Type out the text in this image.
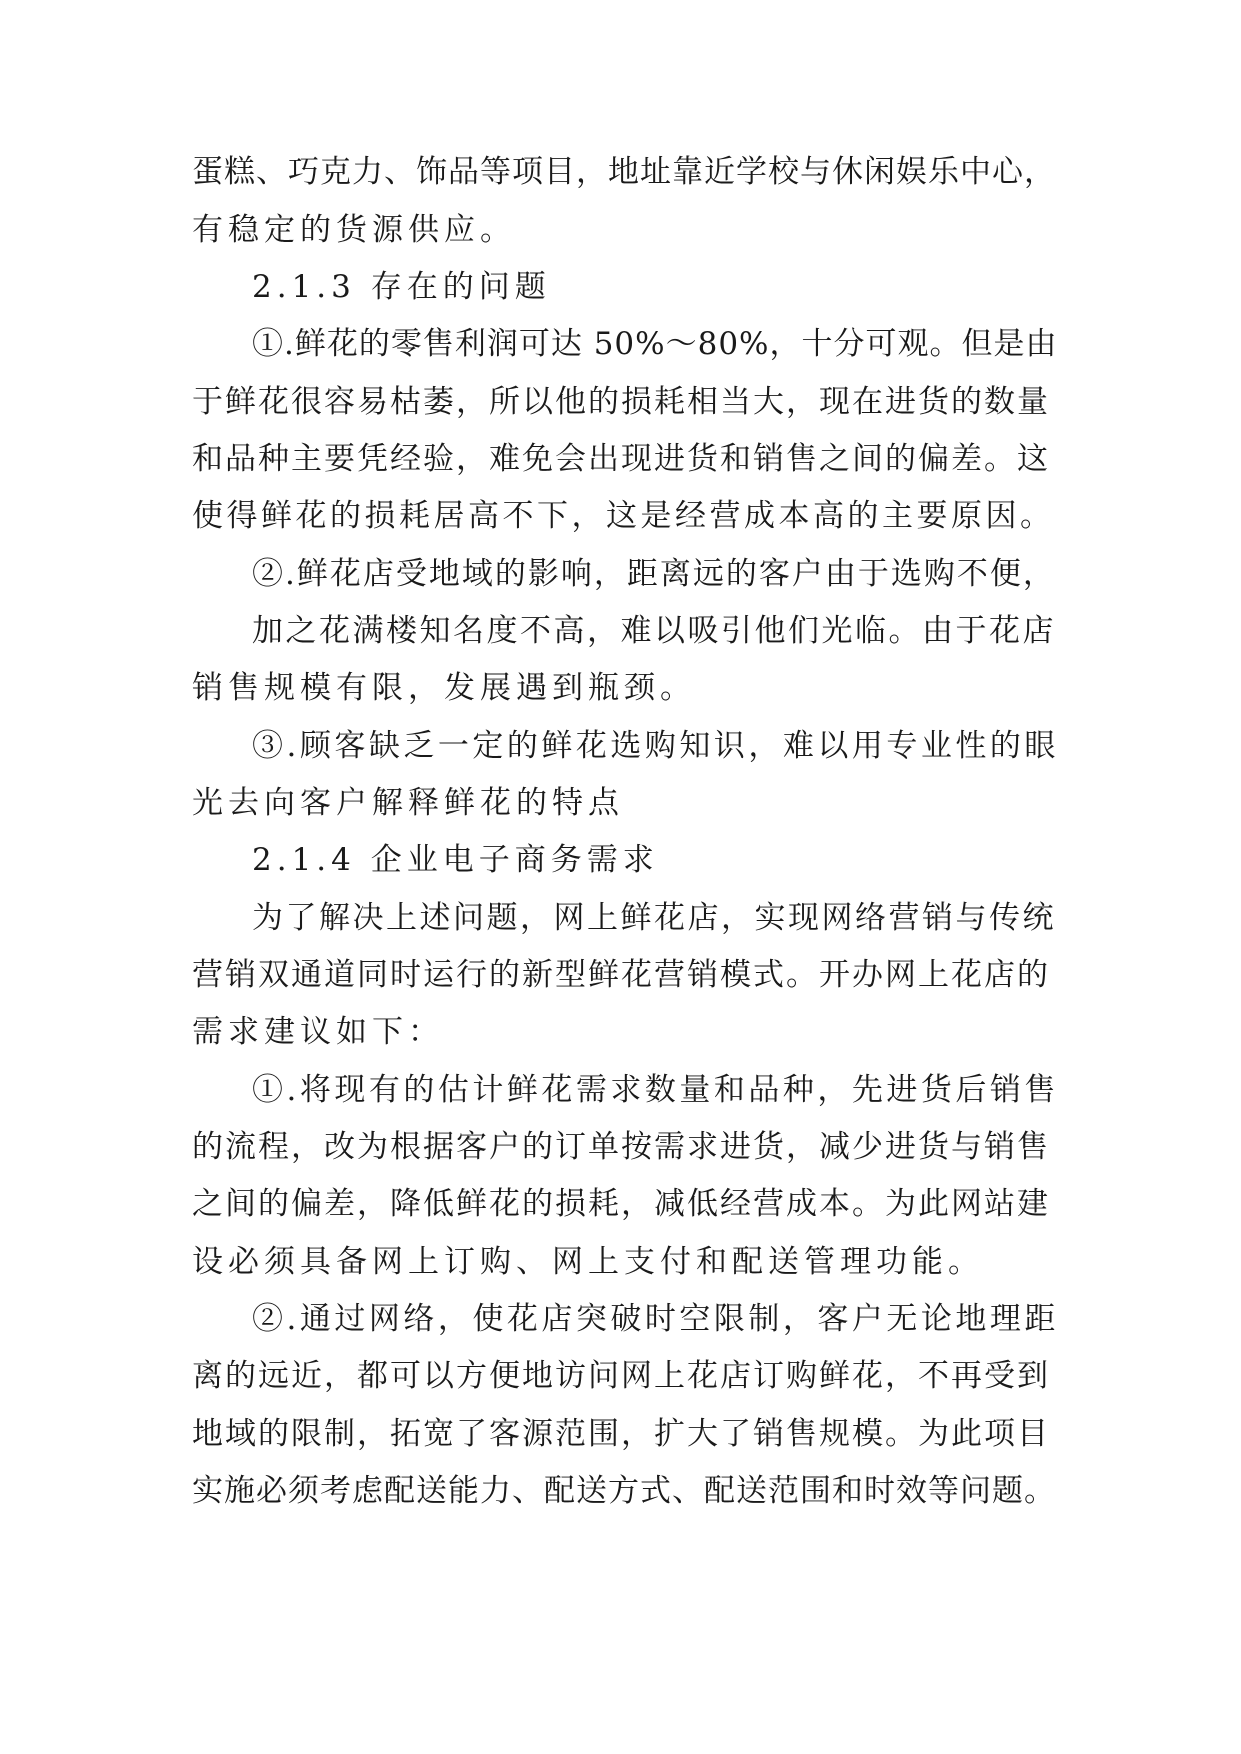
蛋糕、巧克力、饰品等项目，地址靠近学校与休闲娱乐中心，
有稳定的货源供应。
2.1.3 存在的问题
①.鲜花的零售利润可达 50%～80%，十分可观。但是由
于鲜花很容易枯萎，所以他的损耗相当大，现在进货的数量
和品种主要凭经验，难免会出现进货和销售之间的偏差。这
使得鲜花的损耗居高不下，这是经营成本高的主要原因。
②.鲜花店受地域的影响，距离远的客户由于选购不便，
加之花满楼知名度不高，难以吸引他们光临。由于花店
销售规模有限，发展遇到瓶颈。
③.顾客缺乏一定的鲜花选购知识，难以用专业性的眼
光去向客户解释鲜花的特点
2.1.4 企业电子商务需求
为了解决上述问题，网上鲜花店，实现网络营销与传统
营销双通道同时运行的新型鲜花营销模式。开办网上花店的
需求建议如下：
①.将现有的估计鲜花需求数量和品种，先进货后销售
的流程，改为根据客户的订单按需求进货，减少进货与销售
之间的偏差，降低鲜花的损耗，减低经营成本。为此网站建
设必须具备网上订购、网上支付和配送管理功能。
②.通过网络，使花店突破时空限制，客户无论地理距
离的远近，都可以方便地访问网上花店订购鲜花，不再受到
地域的限制，拓宽了客源范围，扩大了销售规模。为此项目
实施必须考虑配送能力、配送方式、配送范围和时效等问题。
